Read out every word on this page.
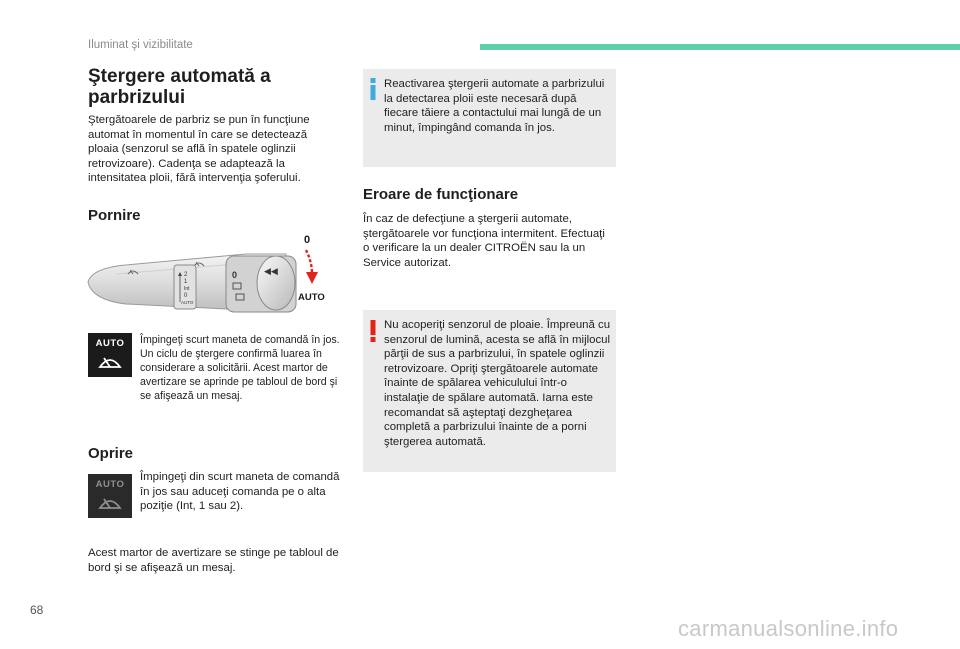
Iluminat şi vizibilitate
Ştergere automată a parbrizului
Ştergătoarele de parbriz se pun în funcţiune automat în momentul în care se detectează ploaia (senzorul se află în spatele oglinzii retrovizoare). Cadenţa se adaptează la intensitatea ploii, fără intervenţia şoferului.
Pornire
2
1
Int
0
AUTO
0	◀◀
0
AUTO
AUTO	Împingeţi scurt maneta de comandă în jos. Un ciclu de ştergere confirmă luarea în considerare a solicitării. Acest martor de avertizare se aprinde pe tabloul de bord şi se afişează un mesaj.
Oprire
AUTO
Împingeţi din scurt maneta de comandă în jos sau aduceţi comanda pe o alta poziţie (Int, 1 sau 2).
Acest martor de avertizare se stinge pe tabloul de bord şi se afişează un mesaj.
Reactivarea ştergerii automate a parbrizului la detectarea ploii este necesară după fiecare tăiere a contactului mai lungă de un minut, împingând comanda în jos.
Eroare de funcţionare
În caz de defecţiune a ştergerii automate, ştergătoarele vor funcţiona intermitent. Efectuaţi o verificare la un dealer CITROËN sau la un Service autorizat.
Nu acoperiţi senzorul de ploaie. Împreună cu senzorul de lumină, acesta se află în mijlocul părţii de sus a parbrizului, în spatele oglinzii retrovizoare. Opriţi ştergătoarele automate înainte de spălarea vehiculului într-o instalaţie de spălare automată. Iarna este recomandat să aşteptaţi dezgheţarea completă a parbrizului înainte de a porni ştergerea automată.
68
carmanualsonline.info
